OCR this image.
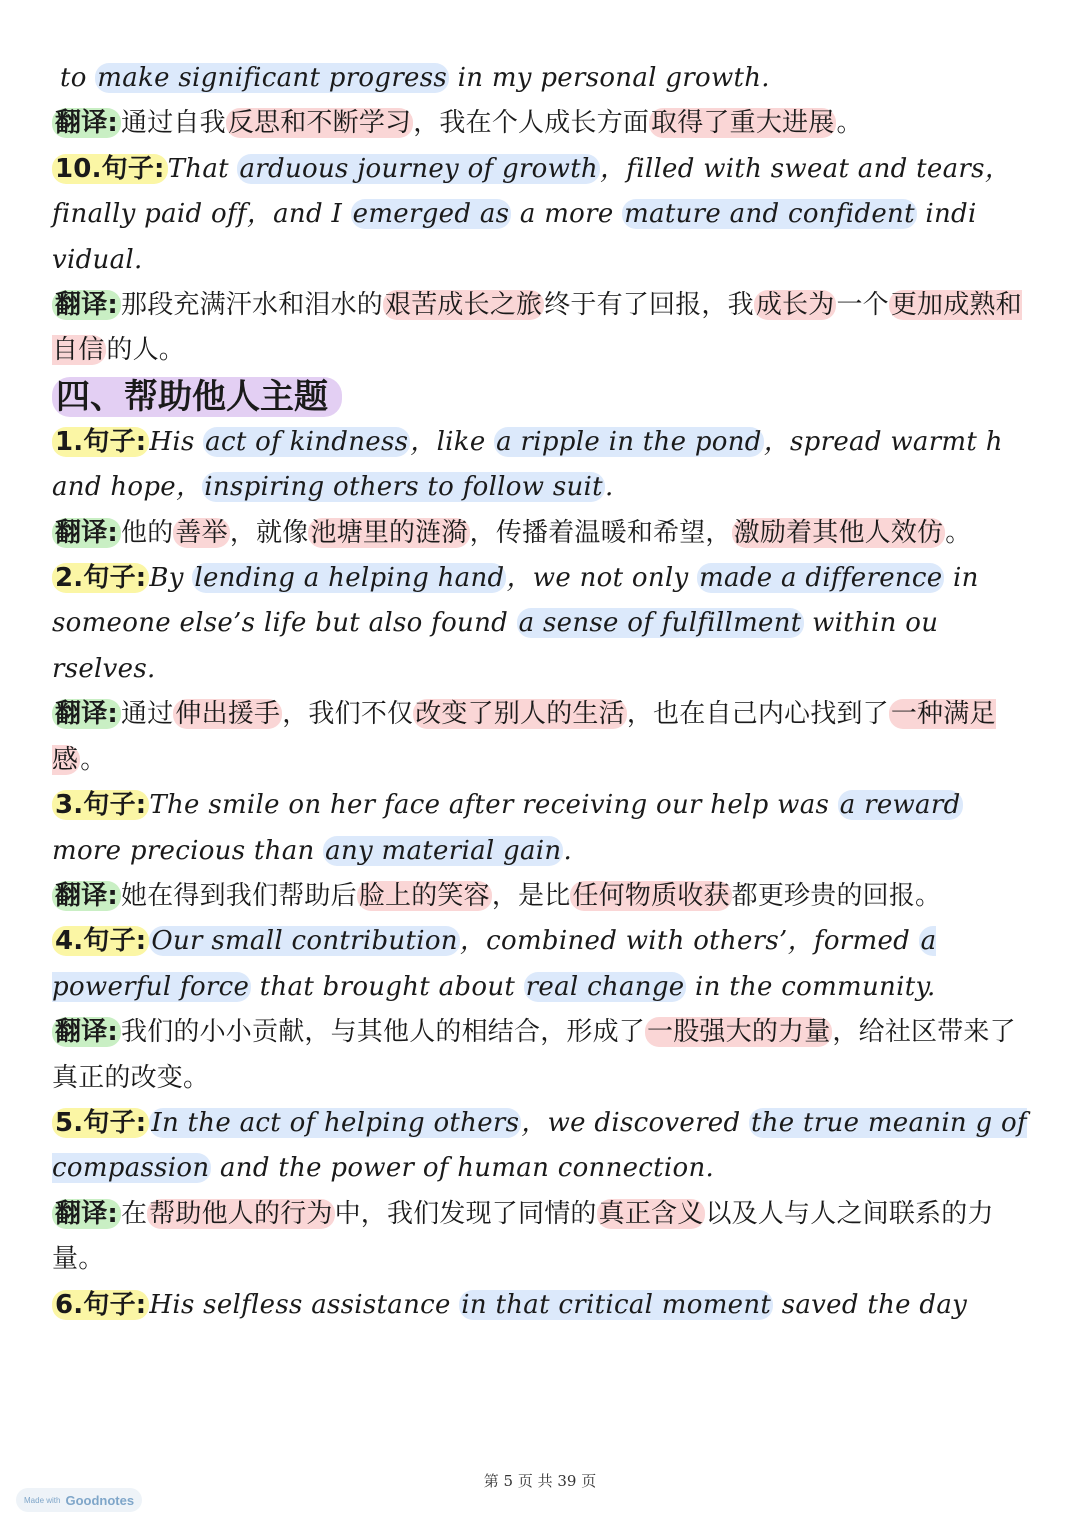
to make significant progress in my personal growth.

翻译: 通过自我反思和不断学习，我在个人成长方面取得了重大进展。

10.句子: That arduous journey of growth，filled with sweat and tears，finally paid off，and I emerged as a more mature and confident indi vidual.

翻译: 那段充满汗水和泪水的艰苦成长之旅终于有了回报，我成长为一个更加成熟和自信的人。

四、帮助他人主题

1.句子: His act of kindness，like a ripple in the pond，spread warmt h and hope，inspiring others to follow suit.

翻译: 他的善举，就像池塘里的涟漪，传播着温暖和希望，激励着其他人效仿。

2.句子: By lending a helping hand，we not only made a difference in someone else’s life but also found a sense of fulfillment within ou rselves.

翻译: 通过伸出援手，我们不仅改变了别人的生活，也在自己内心找到了一种满足感。

3.句子: The smile on her face after receiving our help was a reward more precious than any material gain.

翻译: 她在得到我们帮助后脸上的笑容，是比任何物质收获都更珍贵的回报。

4.句子: Our small contribution，combined with others’，formed a powerful force that brought about real change in the community.

翻译: 我们的小小贡献，与其他人的相结合，形成了一股强大的力量，给社区带来了真正的改变。

5.句子: In the act of helping others，we discovered the true meanin g of compassion and the power of human connection.

翻译: 在帮助他人的行为中，我们发现了同情的真正含义以及人与人之间联系的力量。

6.句子: His selfless assistance in that critical moment saved the day

第 5 页 共 39 页
Made with Goodnotes
